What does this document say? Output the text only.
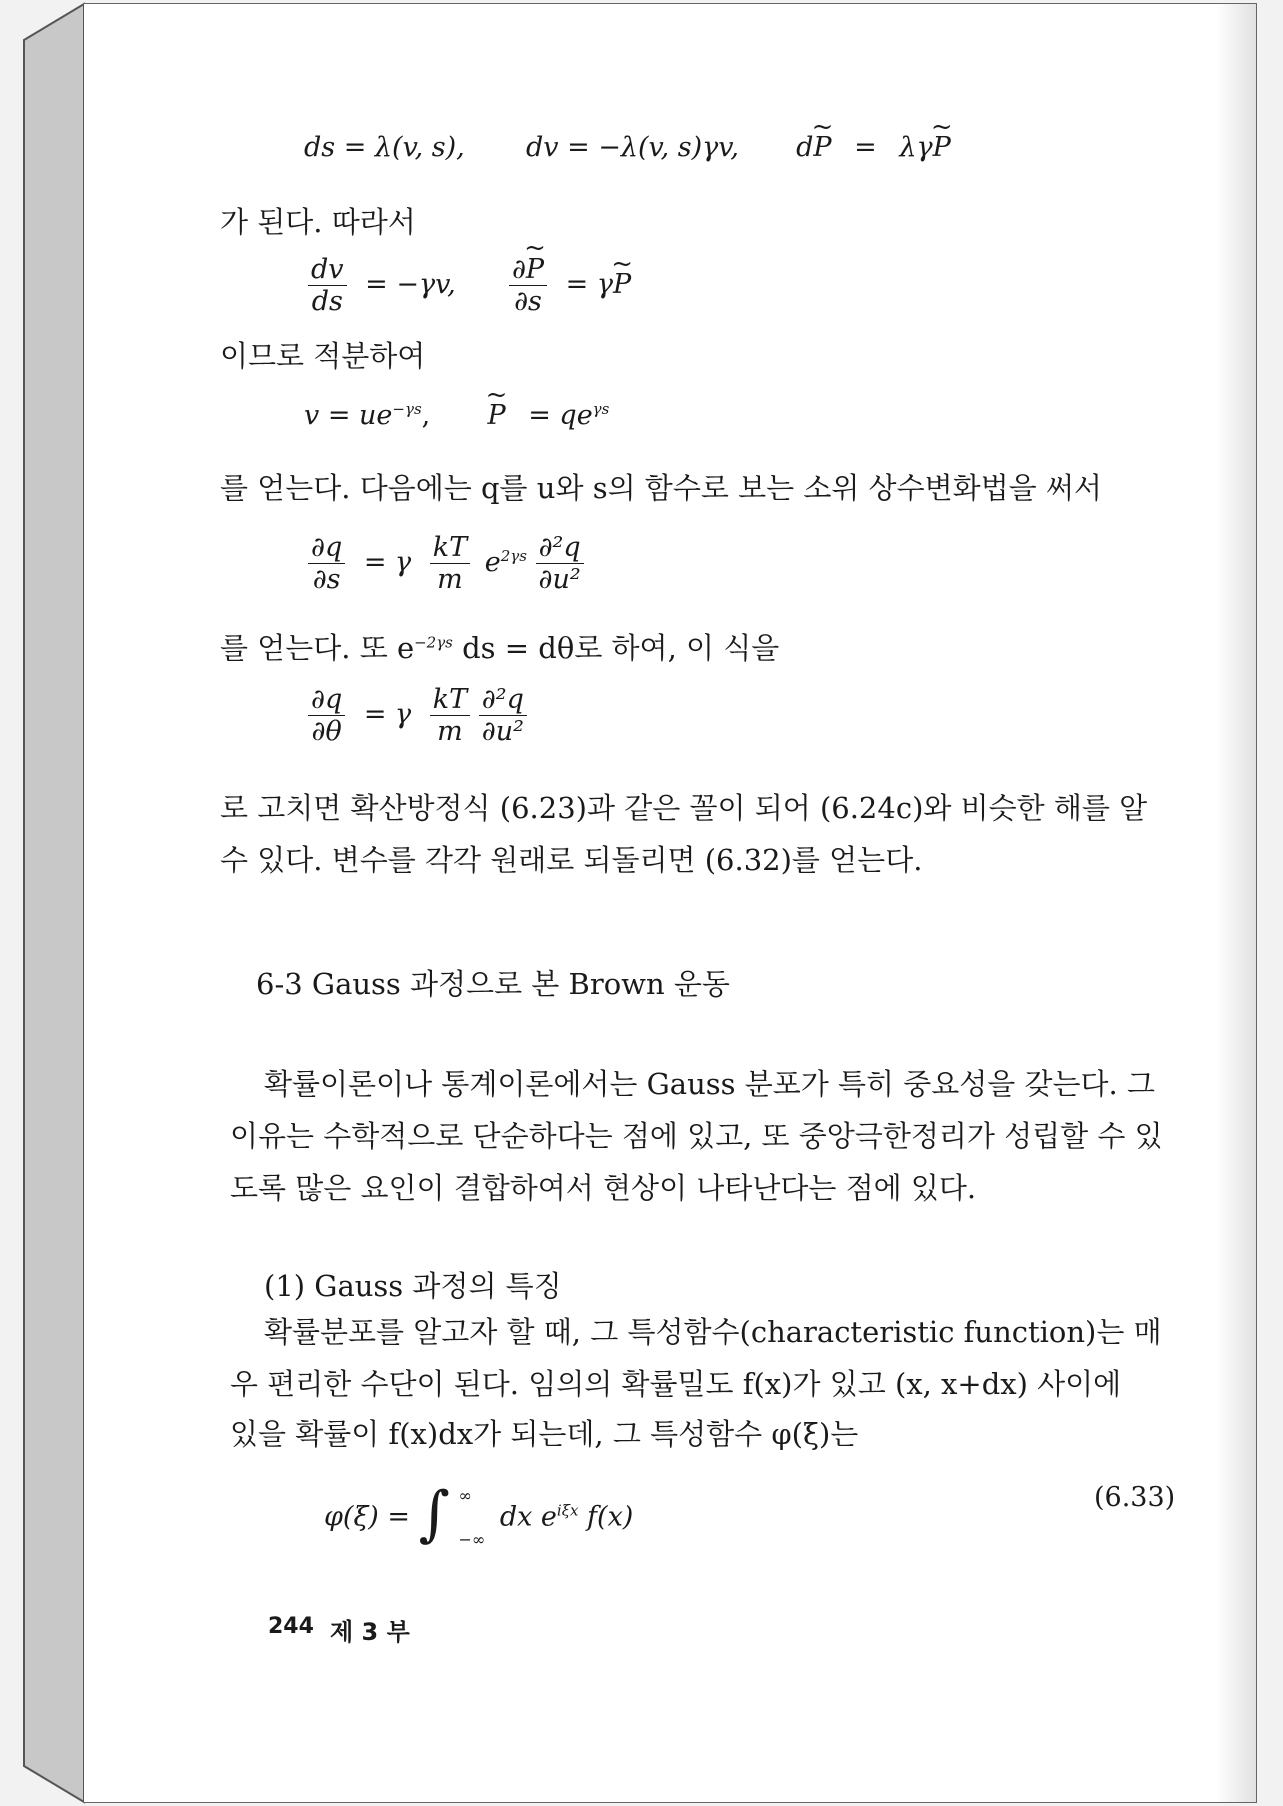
ds = λ(v, s), dv = −λ(v, s)γv, d~ P = λγ~ P
가 된다. 따라서
$\frac{dv}{ds} = -\gamma v$, $\frac{\partial\sim P}{\partial s}$ = γ~ P
이므로 적분하여
$v = ue^{-\gamma s}$,  ~ $P = qe^{\gamma s}$
를 얻는다. 다음에는 q를 u와 s의 함수로 보는 소위 상수변화법을 써서
$\frac{\partial q}{\partial s} = \gamma \frac{kT}{m} e^{2\gamma s} \frac{\text{∂²q}}{\text{∂u²}}$
를 얻는다. 또 $e^{-2\gamma s}$ ds = dθ로 하여, 이 식을
$\frac{\partial q}{\partial\theta} = \gamma \frac{kT}{m}$
$\frac{\text{∂²q}}{\text{∂u²}}$
로 고치면 확산방정식 (6.23)과 같은 꼴이 되어 (6.24c)와 비슷한 해를 알
수 있다. 변수를 각각 원래로 되돌리면 (6.32)를 얻는다.
6-3 Gauss 과정으로 본 Brown 운동
확률이론이나 통계이론에서는 Gauss 분포가 특히 중요성을 갖는다. 그
이유는 수학적으로 단순하다는 점에 있고, 또 중앙극한정리가 성립할 수 있
도록 많은 요인이 결합하여서 현상이 나타난다는 점에 있다.
(1) Gauss 과정의 특징
확률분포를 알고자 할 때, 그 특성함수(characteristic function)는 매
우 편리한 수단이 된다. 임의의 확률밀도 f(x)가 있고 (x, x+dx) 사이에
있을 확률이 f(x)dx가 되는데, 그 특성함수 φ(ξ)는
φ(ξ) = ∫ ∞
−∞
dx $e^{i\xi x}$ f(x)
(6.33)
244 제 3 부
